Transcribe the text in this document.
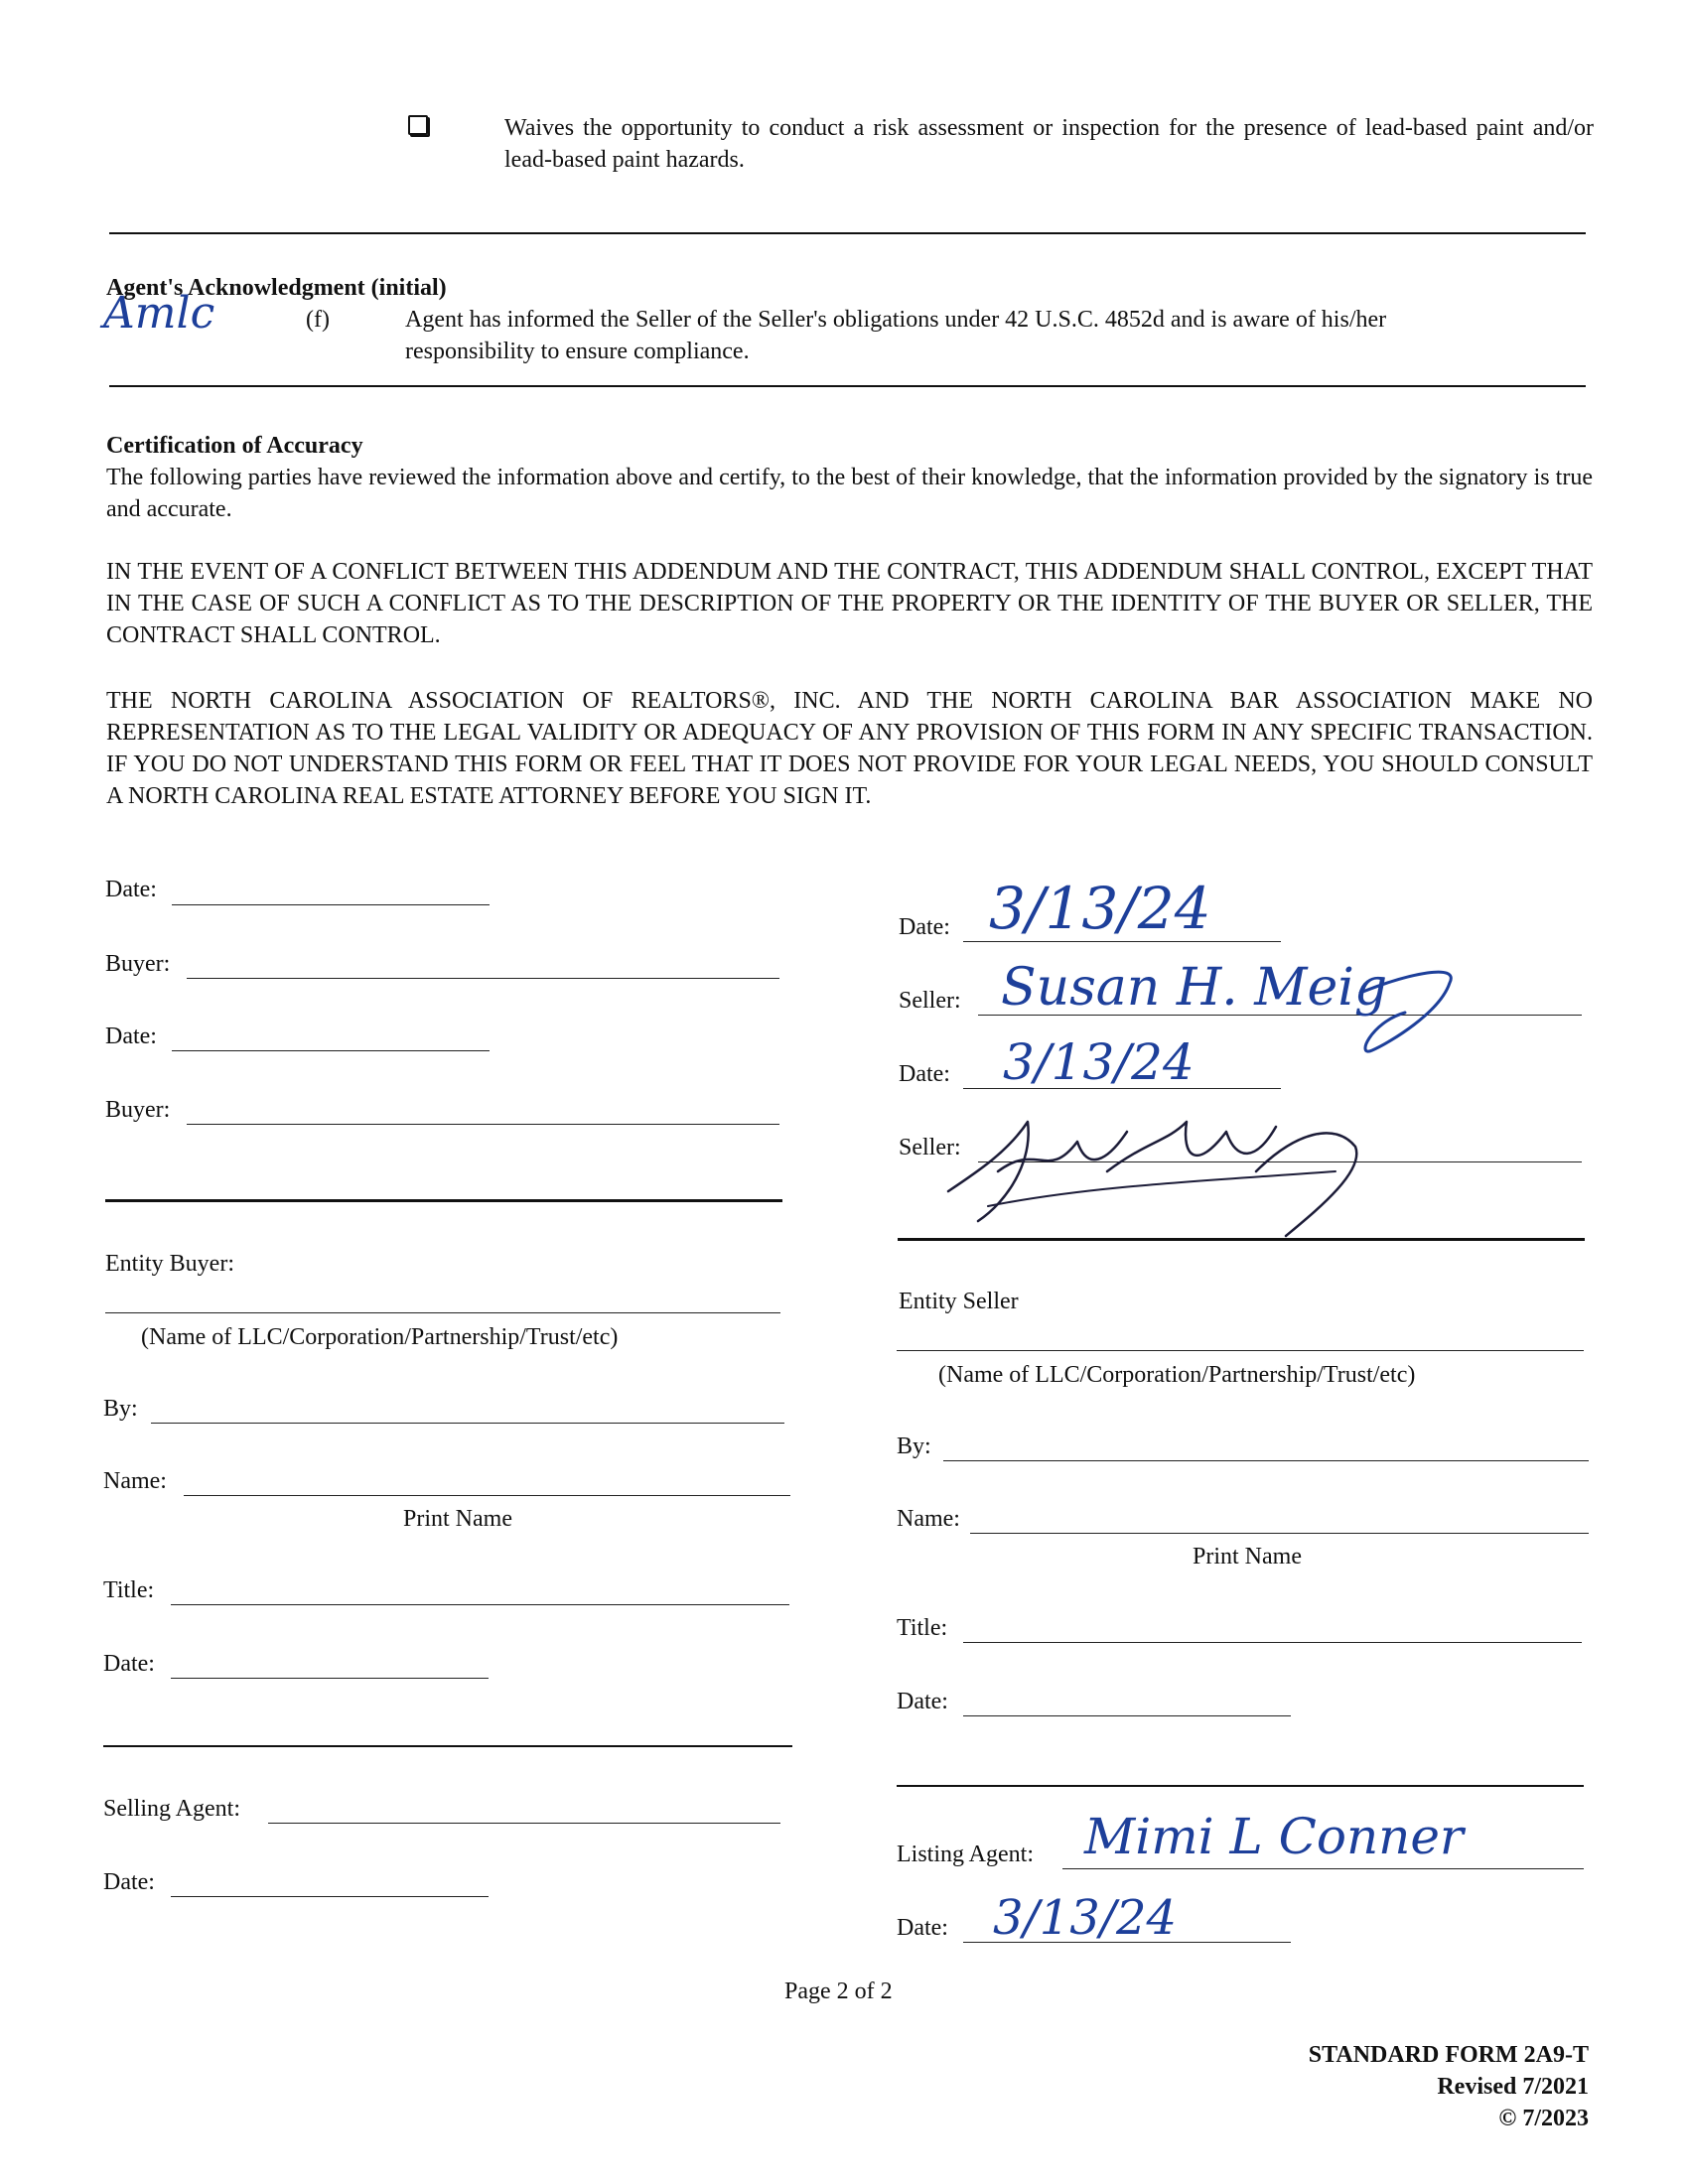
Waives the opportunity to conduct a risk assessment or inspection for the presence of lead-based paint and/or lead-based paint hazards.
Agent's Acknowledgment (initial)
Amlc	(f)	Agent has informed the Seller of the Seller's obligations under 42 U.S.C. 4852d and is aware of his/her responsibility to ensure compliance.
Certification of Accuracy
The following parties have reviewed the information above and certify, to the best of their knowledge, that the information provided by the signatory is true and accurate.
IN THE EVENT OF A CONFLICT BETWEEN THIS ADDENDUM AND THE CONTRACT, THIS ADDENDUM SHALL CONTROL, EXCEPT THAT IN THE CASE OF SUCH A CONFLICT AS TO THE DESCRIPTION OF THE PROPERTY OR THE IDENTITY OF THE BUYER OR SELLER, THE CONTRACT SHALL CONTROL.
THE NORTH CAROLINA ASSOCIATION OF REALTORS®, INC. AND THE NORTH CAROLINA BAR ASSOCIATION MAKE NO REPRESENTATION AS TO THE LEGAL VALIDITY OR ADEQUACY OF ANY PROVISION OF THIS FORM IN ANY SPECIFIC TRANSACTION. IF YOU DO NOT UNDERSTAND THIS FORM OR FEEL THAT IT DOES NOT PROVIDE FOR YOUR LEGAL NEEDS, YOU SHOULD CONSULT A NORTH CAROLINA REAL ESTATE ATTORNEY BEFORE YOU SIGN IT.
Date:
Buyer:
Date:
Buyer:
Entity Buyer:
(Name of LLC/Corporation/Partnership/Trust/etc)
By:
Name:
Print Name
Title:
Date:
Selling Agent:
Date:
Date: 3/13/24
Seller: Susan H. Meig
Date: 3/13/24
Seller:
Entity Seller
(Name of LLC/Corporation/Partnership/Trust/etc)
By:
Name:
Print Name
Title:
Date:
Listing Agent: Mimi L Conner
Date: 3/13/24
Page 2 of 2
STANDARD FORM 2A9-T
Revised 7/2021
© 7/2023
